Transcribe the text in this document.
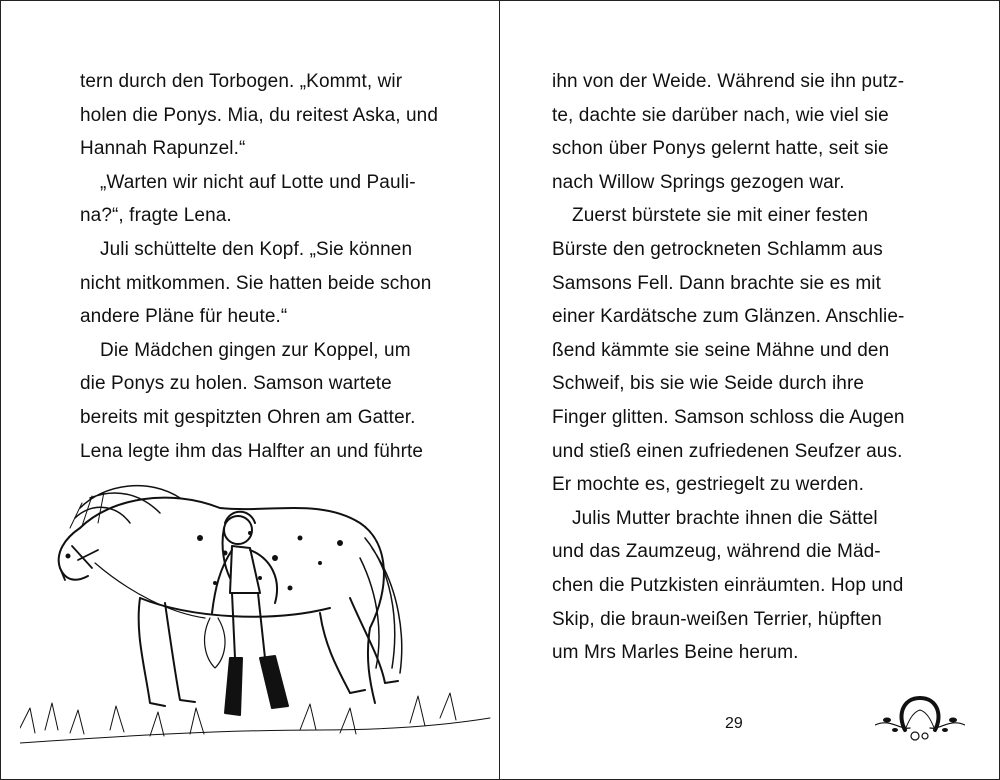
tern durch den Torbogen. „Kommt, wir
holen die Ponys. Mia, du reitest Aska, und
Hannah Rapunzel.“
„Warten wir nicht auf Lotte und Pauli-
na?“, fragte Lena.
Juli schüttelte den Kopf. „Sie können
nicht mitkommen. Sie hatten beide schon
andere Pläne für heute.“
Die Mädchen gingen zur Koppel, um
die Ponys zu holen. Samson wartete
bereits mit gespitzten Ohren am Gatter.
Lena legte ihm das Halfter an und führte
ihn von der Weide. Während sie ihn putz-
te, dachte sie darüber nach, wie viel sie
schon über Ponys gelernt hatte, seit sie
nach Willow Springs gezogen war.
Zuerst bürstete sie mit einer festen
Bürste den getrockneten Schlamm aus
Samsons Fell. Dann brachte sie es mit
einer Kardätsche zum Glänzen. Anschlie-
ßend kämmte sie seine Mähne und den
Schweif, bis sie wie Seide durch ihre
Finger glitten. Samson schloss die Augen
und stieß einen zufriedenen Seufzer aus.
Er mochte es, gestriegelt zu werden.
Julis Mutter brachte ihnen die Sättel
und das Zaumzeug, während die Mäd-
chen die Putzkisten einräumten. Hop und
Skip, die braun-weißen Terrier, hüpften
um Mrs Marles Beine herum.
29
